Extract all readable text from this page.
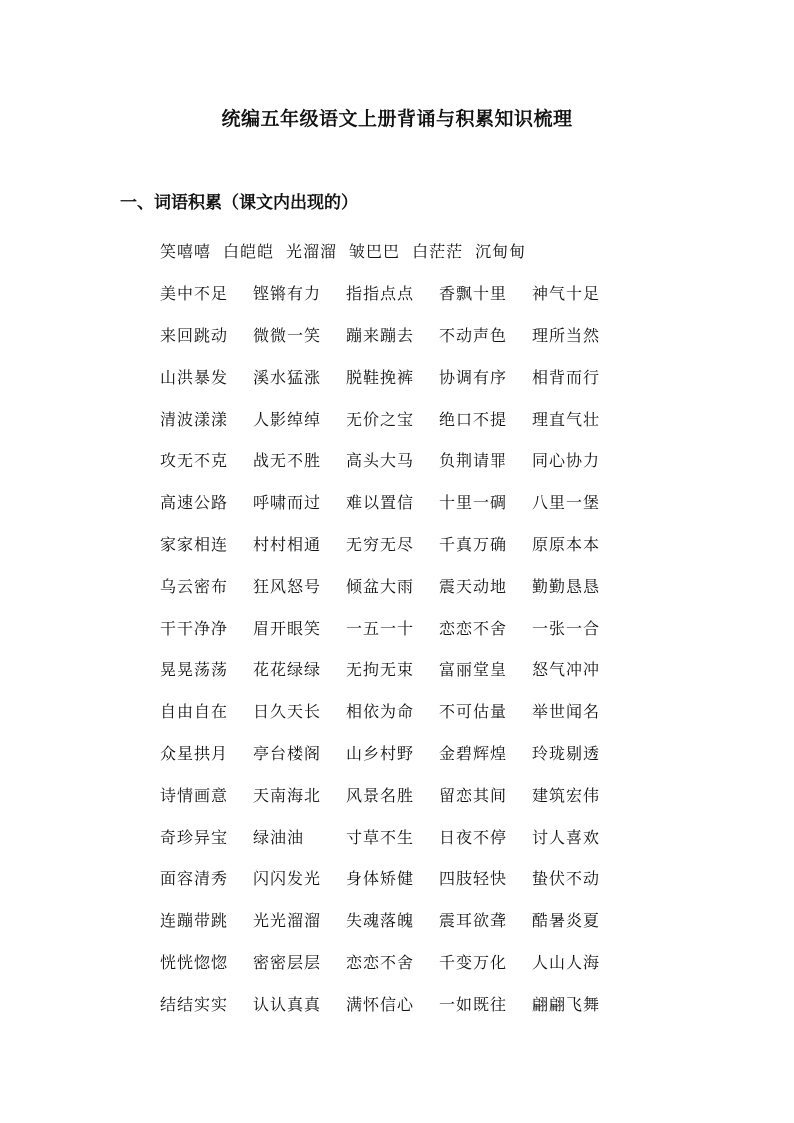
统编五年级语文上册背诵与积累知识梳理
一、词语积累（课文内出现的）
笑嘻嘻 白皑皑 光溜溜 皱巴巴 白茫茫 沉甸甸
美中不足	铿锵有力	指指点点	香飘十里	神气十足
来回跳动	微微一笑	蹦来蹦去	不动声色	理所当然
山洪暴发	溪水猛涨	脱鞋挽裤	协调有序	相背而行
清波漾漾	人影绰绰	无价之宝	绝口不提	理直气壮
攻无不克	战无不胜	高头大马	负荆请罪	同心协力
高速公路	呼啸而过	难以置信	十里一碉	八里一堡
家家相连	村村相通	无穷无尽	千真万确	原原本本
乌云密布	狂风怒号	倾盆大雨	震天动地	勤勤恳恳
干干净净	眉开眼笑	一五一十	恋恋不舍	一张一合
晃晃荡荡	花花绿绿	无拘无束	富丽堂皇	怒气冲冲
自由自在	日久天长	相依为命	不可估量	举世闻名
众星拱月	亭台楼阁	山乡村野	金碧辉煌	玲珑剔透
诗情画意	天南海北	风景名胜	留恋其间	建筑宏伟
奇珍异宝	绿油油	寸草不生	日夜不停	讨人喜欢
面容清秀	闪闪发光	身体矫健	四肢轻快	蛰伏不动
连蹦带跳	光光溜溜	失魂落魄	震耳欲聋	酷暑炎夏
恍恍惚惚	密密层层	恋恋不舍	千变万化	人山人海
结结实实	认认真真	满怀信心	一如既往	翩翩飞舞
